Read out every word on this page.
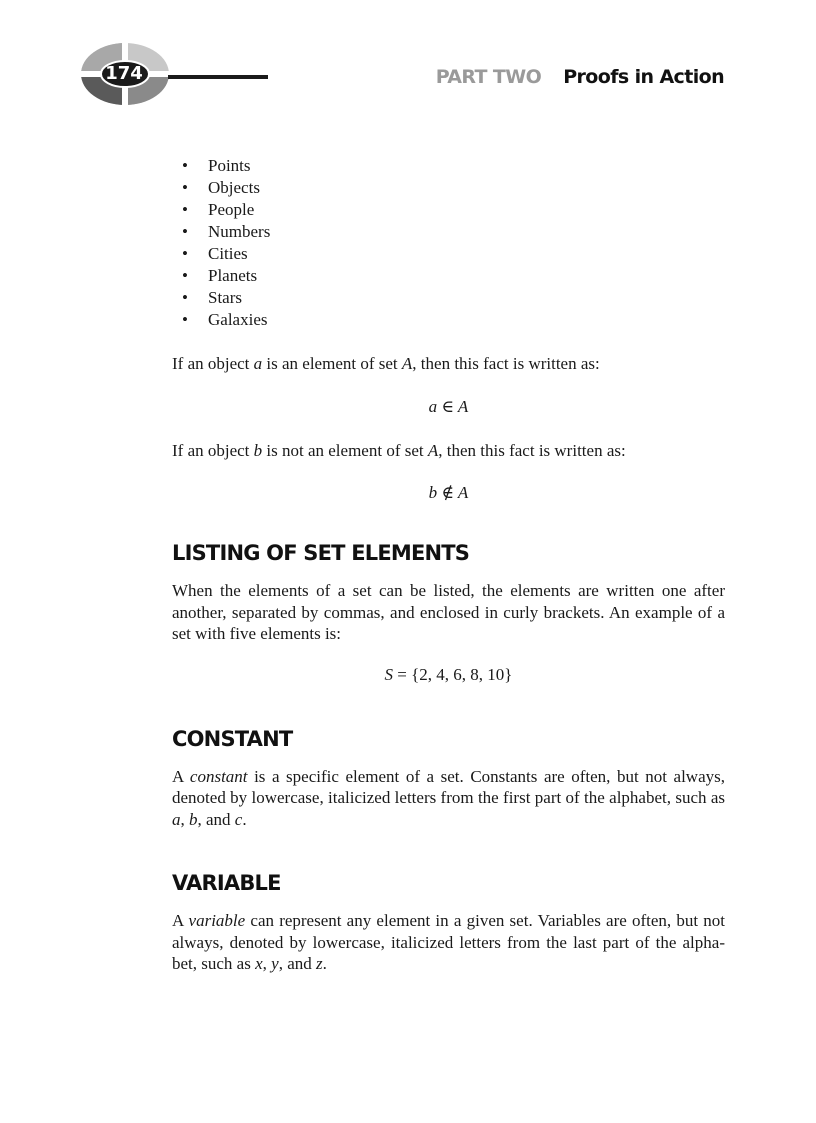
174	PART TWO Proofs in Action
• Points
• Objects
• People
• Numbers
• Cities
• Planets
• Stars
• Galaxies

If an object a is an element of set A, then this fact is written as:

a ∈ A

If an object b is not an element of set A, then this fact is written as:

b ∉ A
LISTING OF SET ELEMENTS

When the elements of a set can be listed, the elements are written one after another, separated by commas, and enclosed in curly brackets. An example of a set with five elements is:

S = {2, 4, 6, 8, 10}
CONSTANT

A constant is a specific element of a set. Constants are often, but not always, denoted by lowercase, italicized letters from the first part of the alphabet, such as a, b, and c.

VARIABLE

A variable can represent any element in a given set. Variables are often, but not always, denoted by lowercase, italicized letters from the last part of the alpha-bet, such as x, y, and z.
